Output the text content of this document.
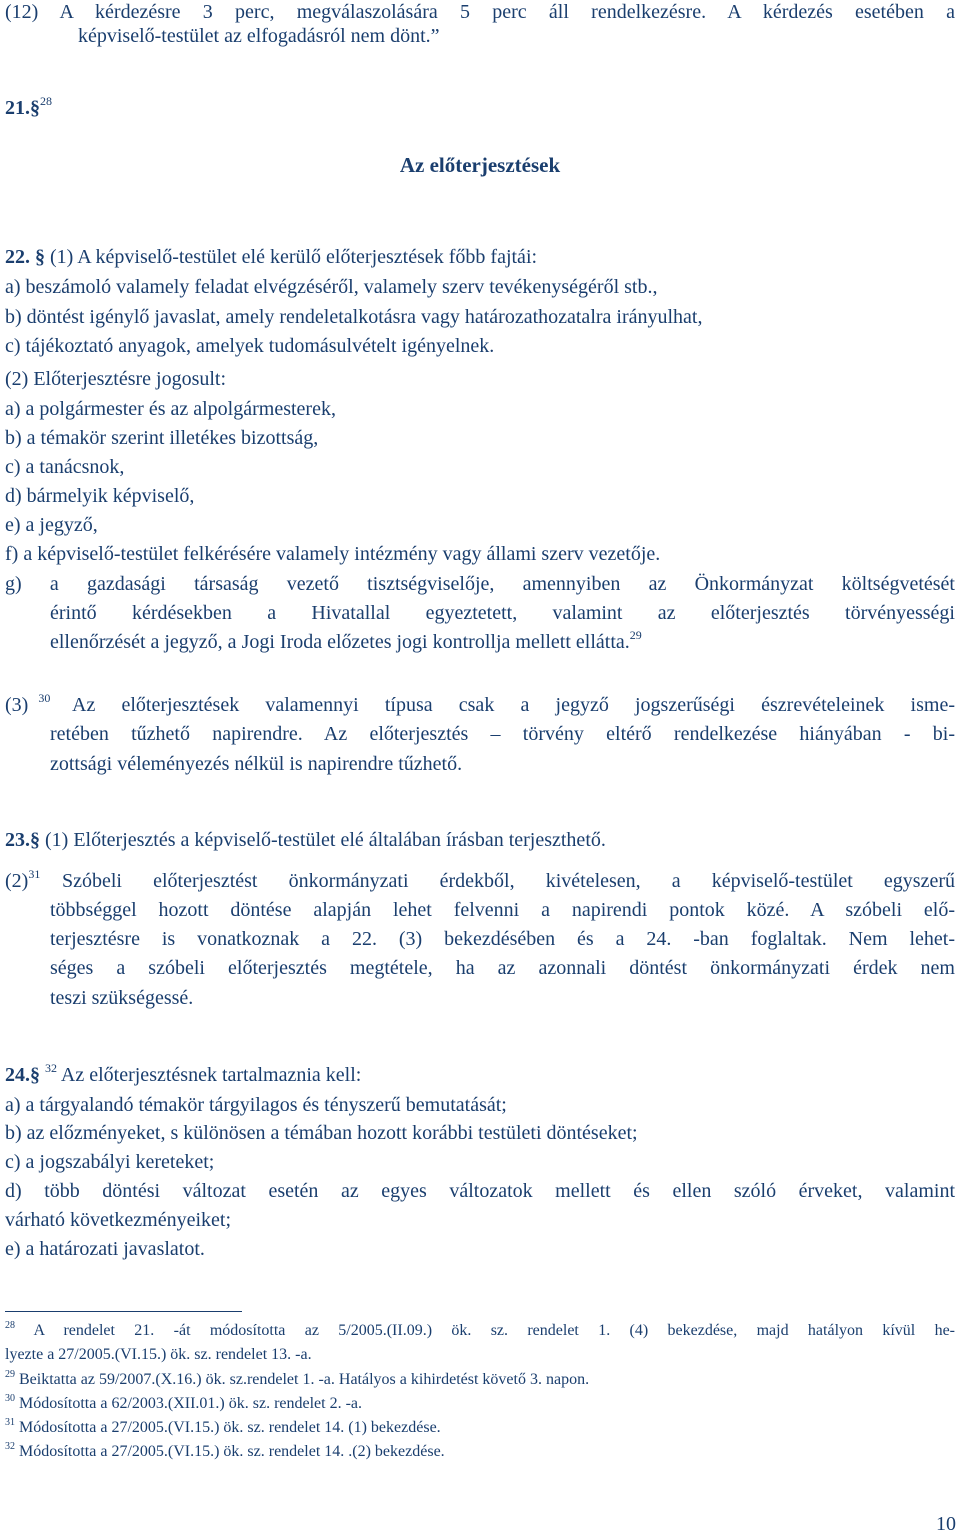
(12) A kérdezésre 3 perc, megválaszolására 5 perc áll rendelkezésre. A kérdezés esetében a
képviselő-testület az elfogadásról nem dönt.”
21.§$^{28}$
Az előterjesztések
22. § (1) A képviselő-testület elé kerülő előterjesztések főbb fajtái:
a) beszámoló valamely feladat elvégzéséről, valamely szerv tevékenységéről stb.,
b) döntést igénylő javaslat, amely rendeletalkotásra vagy határozathozatalra irányulhat,
c) tájékoztató anyagok, amelyek tudomásulvételt igényelnek.
(2) Előterjesztésre jogosult:
a) a polgármester és az alpolgármesterek,
b) a témakör szerint illetékes bizottság,
c) a tanácsnok,
d) bármelyik képviselő,
e) a jegyző,
f) a képviselő-testület felkérésére valamely intézmény vagy állami szerv vezetője.
g) a gazdasági társaság vezető tisztségviselője, amennyiben az Önkormányzat költségvetését
érintő kérdésekben a Hivatallal egyeztetett, valamint az előterjesztés törvényességi
ellenőrzését a jegyző, a Jogi Iroda előzetes jogi kontrollja mellett ellátta.$^{29}$
(3) $^{30}$ Az előterjesztések valamennyi típusa csak a jegyző jogszerűségi észrevételeinek isme-
retében tűzhető napirendre. Az előterjesztés – törvény eltérő rendelkezése hiányában - bi-
zottsági véleményezés nélkül is napirendre tűzhető.
23.§ (1) Előterjesztés a képviselő-testület elé általában írásban terjeszthető.
$(2)^{31}$ Szóbeli előterjesztést önkormányzati érdekből, kivételesen, a képviselő-testület egyszerű
többséggel hozott döntése alapján lehet felvenni a napirendi pontok közé. A szóbeli elő-
terjesztésre is vonatkoznak a 22. (3) bekezdésében és a 24. -ban foglaltak. Nem lehet-
séges a szóbeli előterjesztés megtétele, ha az azonnali döntést önkormányzati érdek nem
teszi szükségessé.
24.§ $^{32}$ Az előterjesztésnek tartalmaznia kell:
a) a tárgyalandó témakör tárgyilagos és tényszerű bemutatását;
b) az előzményeket, s különösen a témában hozott korábbi testületi döntéseket;
c) a jogszabályi kereteket;
d) több döntési változat esetén az egyes változatok mellett és ellen szóló érveket, valamint
várható következményeiket;
e) a határozati javaslatot.
$^{28}$ A rendelet 21. -át módosította az 5/2005.(II.09.) ök. sz. rendelet 1. (4) bekezdése, majd hatályon kívül he-
lyezte a 27/2005.(VI.15.) ök. sz. rendelet 13. -a.
$^{29}$ Beiktatta az 59/2007.(X.16.) ök. sz.rendelet 1. -a. Hatályos a kihirdetést követő 3. napon.
$^{30}$ Módosította a 62/2003.(XII.01.) ök. sz. rendelet 2. -a.
$^{31}$ Módosította a 27/2005.(VI.15.) ök. sz. rendelet 14. (1) bekezdése.
$^{32}$ Módosította a 27/2005.(VI.15.) ök. sz. rendelet 14. .(2) bekezdése.
10
